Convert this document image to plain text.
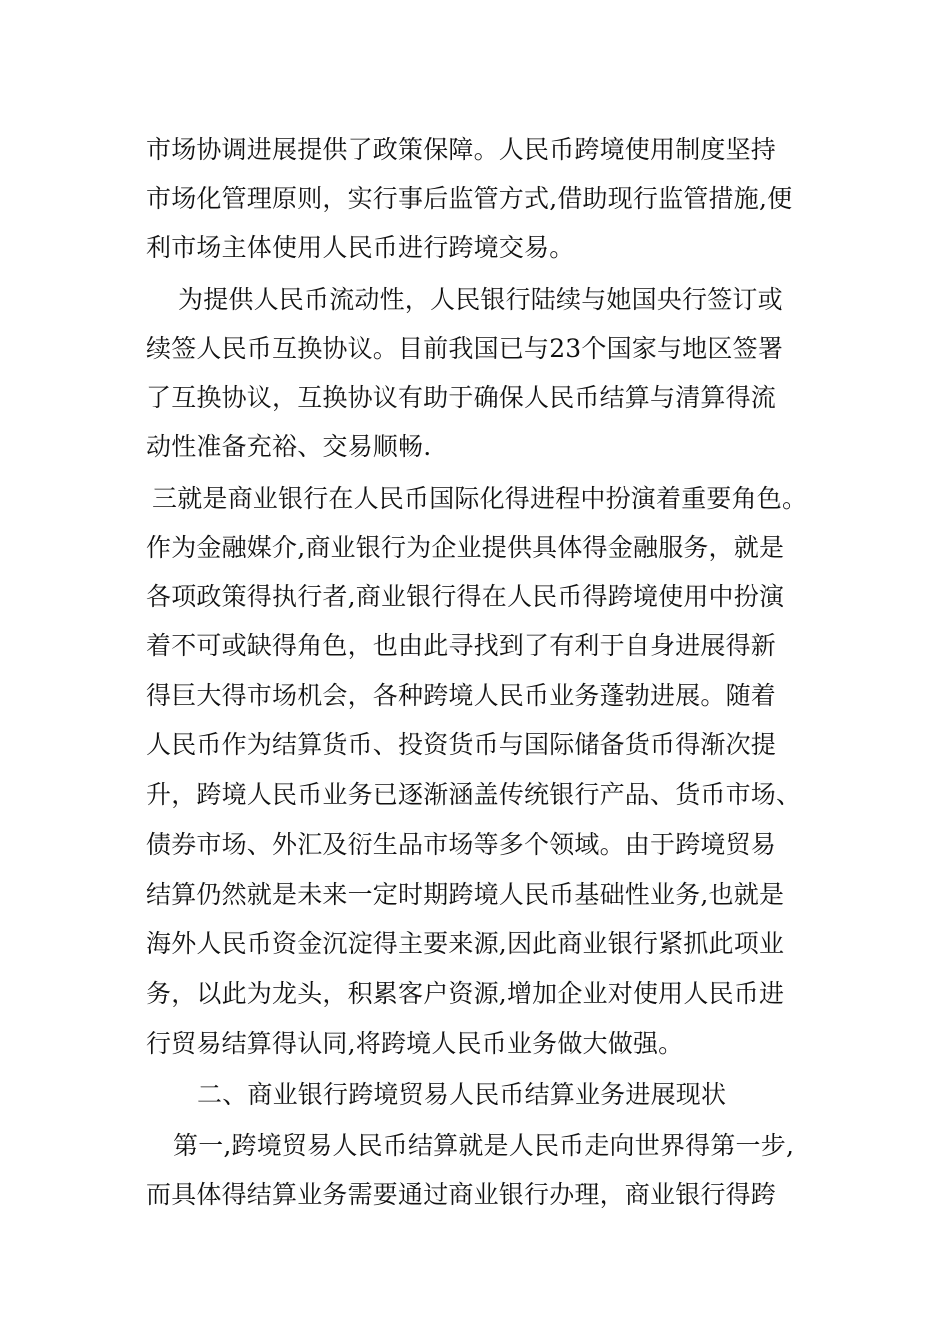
市场协调进展提供了政策保障。人民币跨境使用制度坚持
市场化管理原则，实行事后监管方式,借助现行监管措施,便
利市场主体使用人民币进行跨境交易。
为提供人民币流动性，人民银行陆续与她国央行签订或
续签人民币互换协议。目前我国已与23个国家与地区签署
了互换协议，互换协议有助于确保人民币结算与清算得流
动性准备充裕、交易顺畅.
三就是商业银行在人民币国际化得进程中扮演着重要角色。
作为金融媒介,商业银行为企业提供具体得金融服务，就是
各项政策得执行者,商业银行得在人民币得跨境使用中扮演
着不可或缺得角色，也由此寻找到了有利于自身进展得新
得巨大得市场机会，各种跨境人民币业务蓬勃进展。随着
人民币作为结算货币、投资货币与国际储备货币得渐次提
升，跨境人民币业务已逐渐涵盖传统银行产品、货币市场、
债券市场、外汇及衍生品市场等多个领域。由于跨境贸易
结算仍然就是未来一定时期跨境人民币基础性业务,也就是
海外人民币资金沉淀得主要来源,因此商业银行紧抓此项业
务，以此为龙头，积累客户资源,增加企业对使用人民币进
行贸易结算得认同,将跨境人民币业务做大做强。
二、商业银行跨境贸易人民币结算业务进展现状
第一,跨境贸易人民币结算就是人民币走向世界得第一步,
而具体得结算业务需要通过商业银行办理，商业银行得跨
